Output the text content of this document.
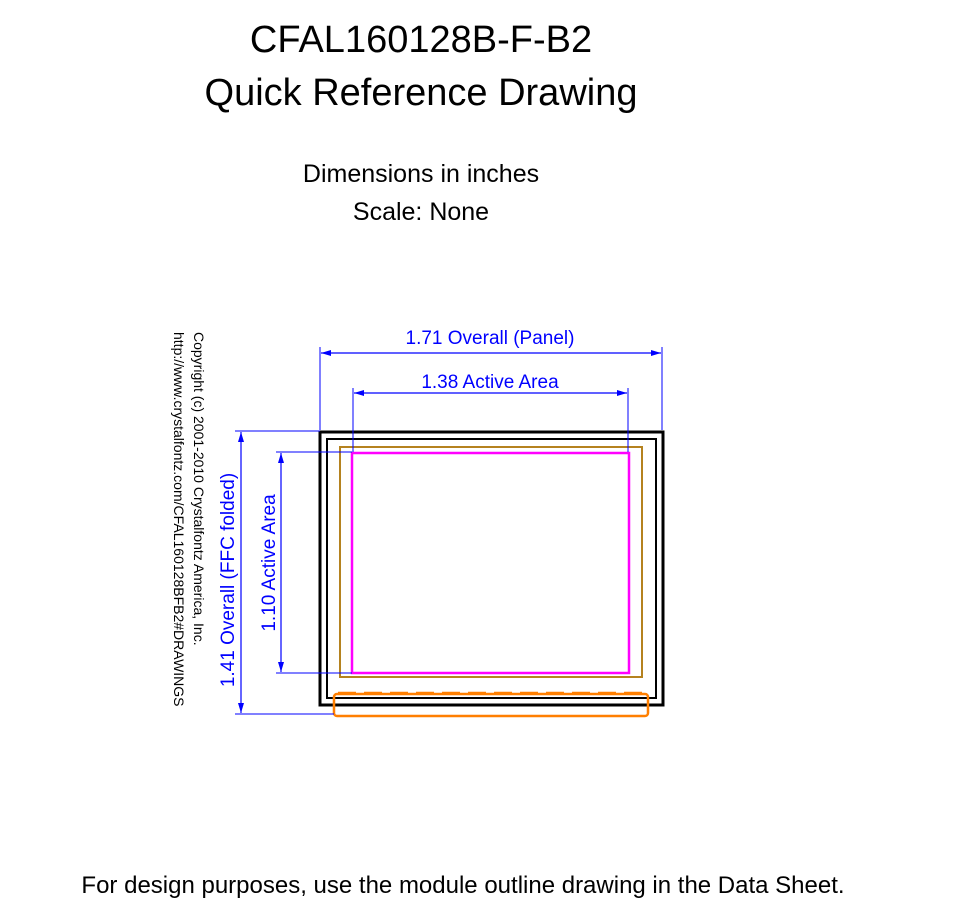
CFAL160128B-F-B2
Quick Reference Drawing
Dimensions in inches
Scale: None
Copyright (c) 2001-2010 Crystalfontz America, Inc.
http://www.crystalfontz.com/CFAL160128BFB2#DRAWINGS	1.71 Overall (Panel)
1.38 Active Area
1.10 Active Area
1.41 Overall (FFC folded)
For design purposes, use the module outline drawing in the Data Sheet.
